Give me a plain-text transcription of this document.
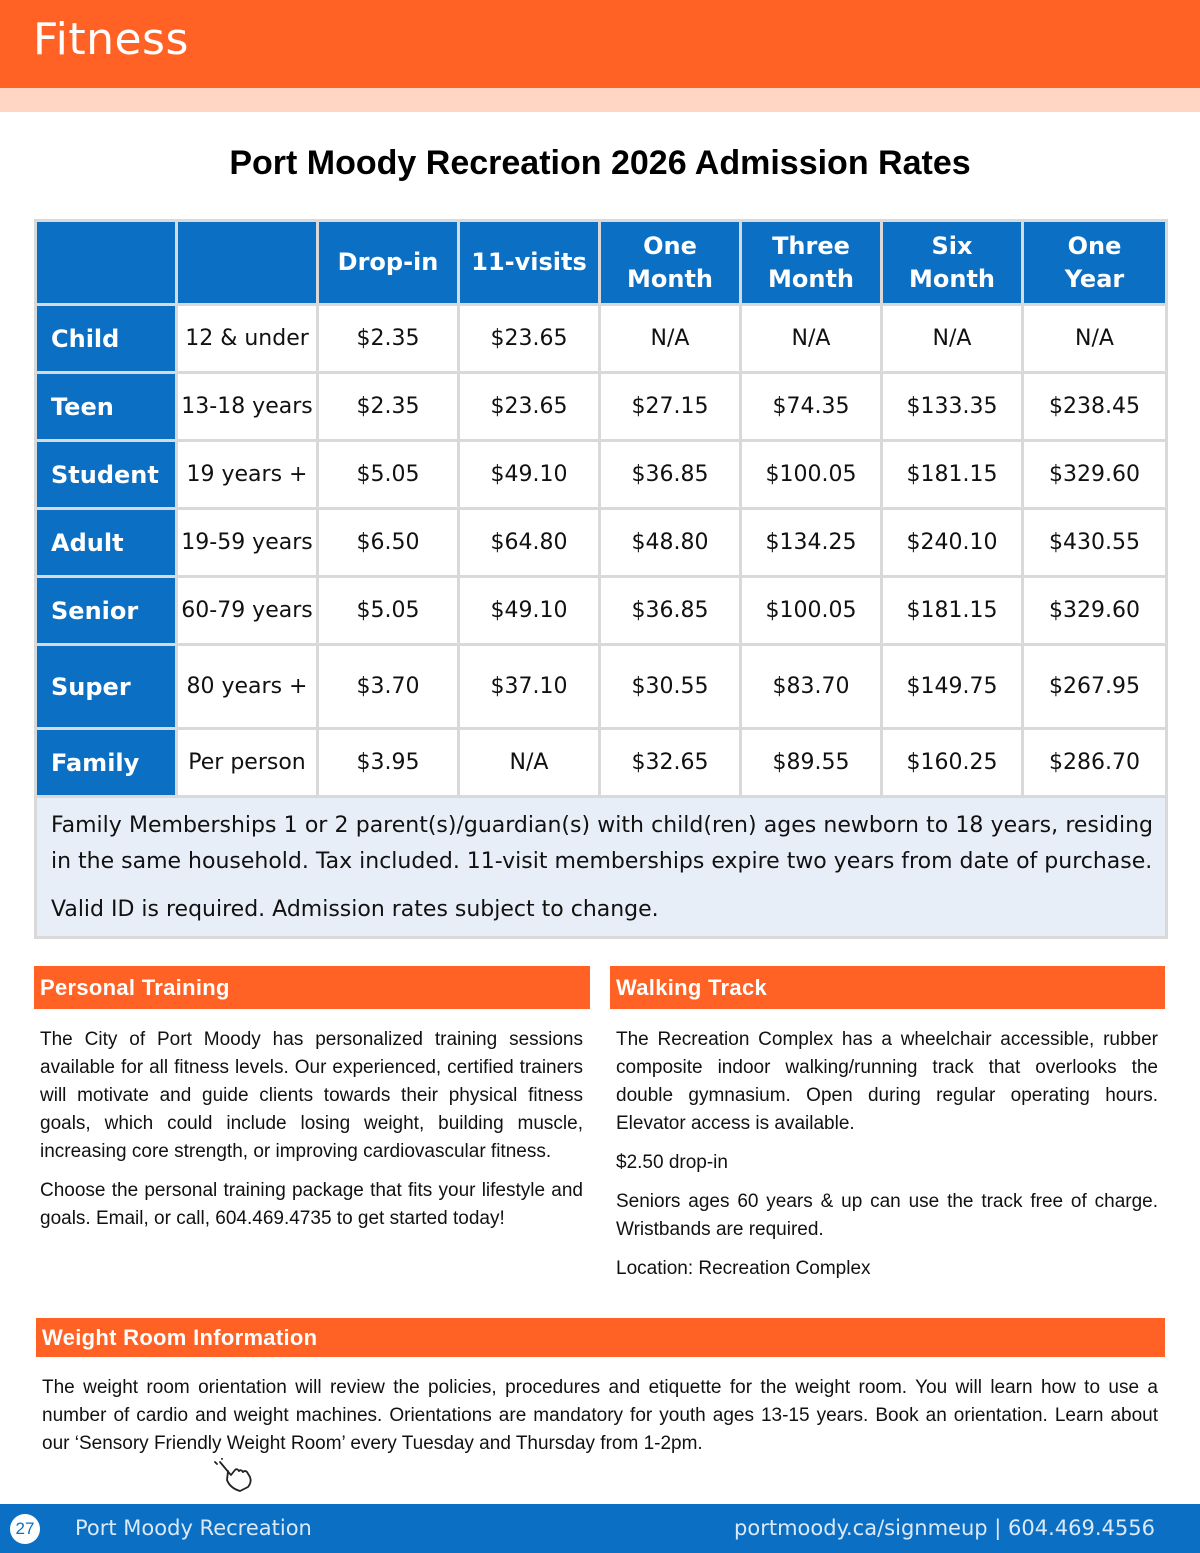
Fitness
Port Moody Recreation 2026 Admission Rates
		Drop-in	11-visits	One Month	Three Month	Six Month	One Year
Child	12 & under	$2.35	$23.65	N/A	N/A	N/A	N/A
Teen	13-18 years	$2.35	$23.65	$27.15	$74.35	$133.35	$238.45
Student	19 years +	$5.05	$49.10	$36.85	$100.05	$181.15	$329.60
Adult	19-59 years	$6.50	$64.80	$48.80	$134.25	$240.10	$430.55
Senior	60-79 years	$5.05	$49.10	$36.85	$100.05	$181.15	$329.60
Super	80 years +	$3.70	$37.10	$30.55	$83.70	$149.75	$267.95
Family	Per person	$3.95	N/A	$32.65	$89.55	$160.25	$286.70

Family Memberships 1 or 2 parent(s)/guardian(s) with child(ren) ages newborn to 18 years, residing in the same household. Tax included. 11-visit memberships expire two years from date of purchase.

Valid ID is required. Admission rates subject to change.							

Personal Training

The City of Port Moody has personalized training sessions available for all fitness levels. Our experienced, certified trainers will motivate and guide clients towards their physical fitness goals, which could include losing weight, building muscle, increasing core strength, or improving cardiovascular fitness.

Choose the personal training package that fits your lifestyle and goals. Email, or call, 604.469.4735 to get started today!

Walking Track

The Recreation Complex has a wheelchair accessible, rubber composite indoor walking/running track that overlooks the double gymnasium. Open during regular operating hours. Elevator access is available.

$2.50 drop-in

Seniors ages 60 years & up can use the track free of charge. Wristbands are required.

Location: Recreation Complex

Weight Room Information

The weight room orientation will review the policies, procedures and etiquette for the weight room. You will learn how to use a number of cardio and weight machines. Orientations are mandatory for youth ages 13-15 years. Book an orientation. Learn about our ‘Sensory Friendly Weight Room’ every Tuesday and Thursday from 1-2pm.

27 Port Moody Recreation	portmoody.ca/signmeup | 604.469.4556
